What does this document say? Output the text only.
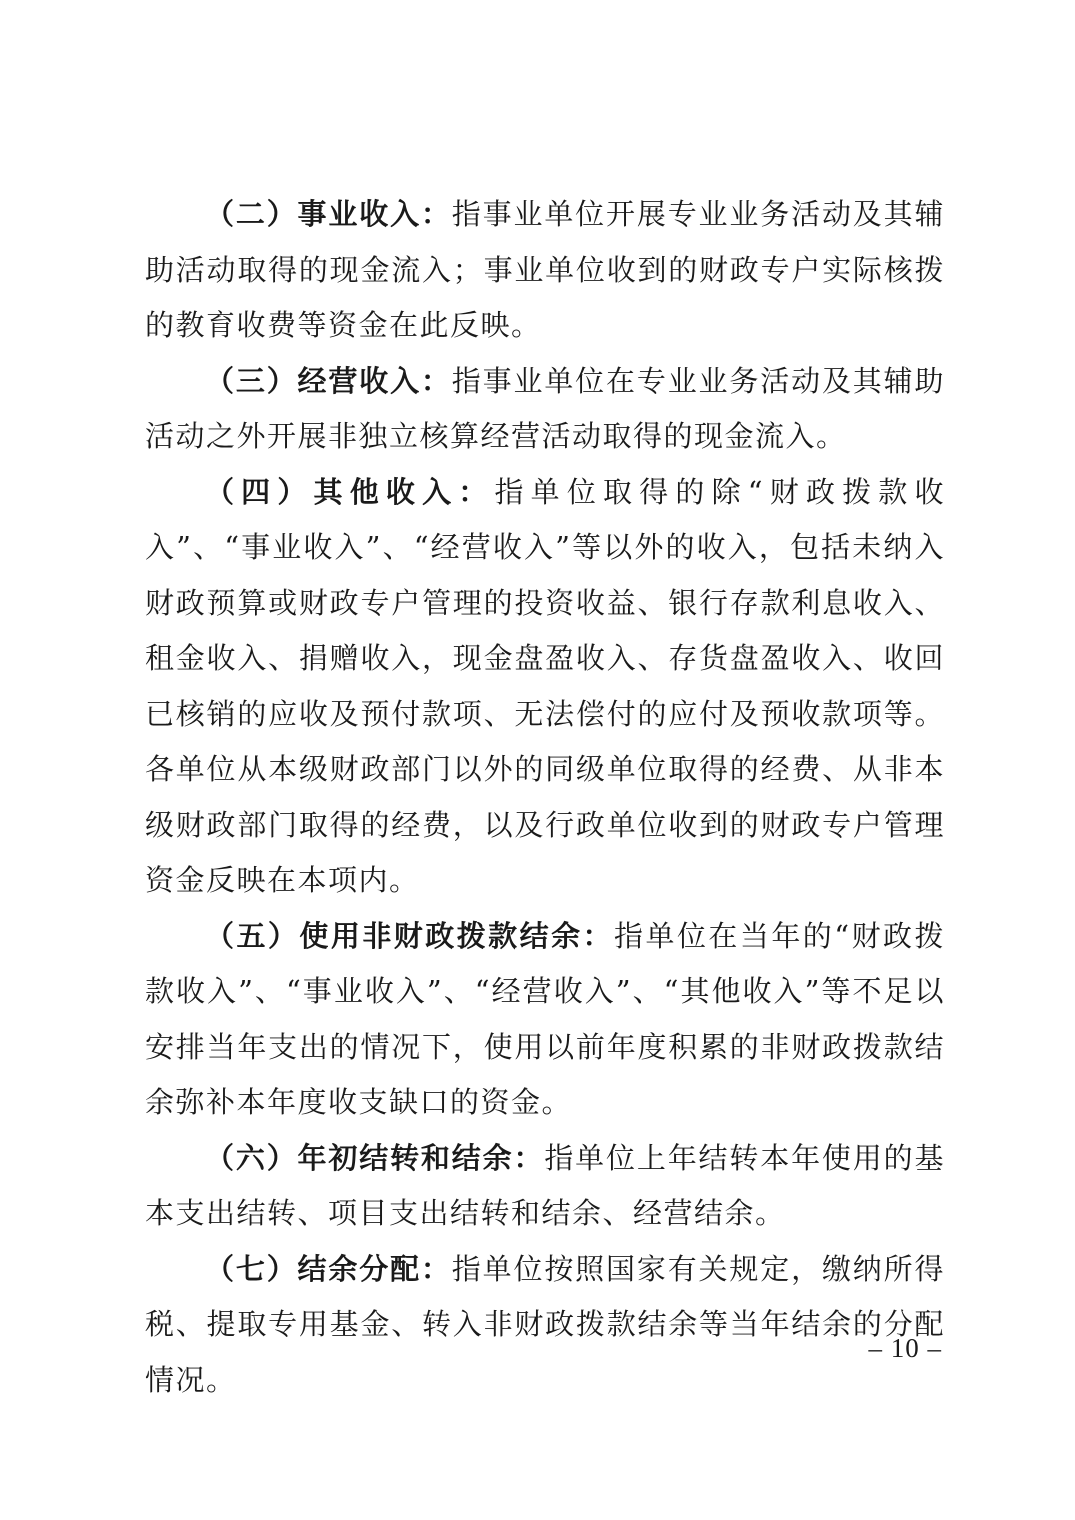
（二）事业收入：指事业单位开展专业业务活动及其辅助活动取得的现金流入；事业单位收到的财政专户实际核拨的教育收费等资金在此反映。

（三）经营收入：指事业单位在专业业务活动及其辅助活动之外开展非独立核算经营活动取得的现金流入。

（四）其他收入：指单位取得的除“财政拨款收入”、“事业收入”、“经营收入”等以外的收入，包括未纳入财政预算或财政专户管理的投资收益、银行存款利息收入、租金收入、捐赠收入，现金盘盈收入、存货盘盈收入、收回已核销的应收及预付款项、无法偿付的应付及预收款项等。各单位从本级财政部门以外的同级单位取得的经费、从非本级财政部门取得的经费，以及行政单位收到的财政专户管理资金反映在本项内。

（五）使用非财政拨款结余：指单位在当年的“财政拨款收入”、“事业收入”、“经营收入”、“其他收入”等不足以安排当年支出的情况下，使用以前年度积累的非财政拨款结余弥补本年度收支缺口的资金。

（六）年初结转和结余：指单位上年结转本年使用的基本支出结转、项目支出结转和结余、经营结余。

（七）结余分配：指单位按照国家有关规定，缴纳所得税、提取专用基金、转入非财政拨款结余等当年结余的分配情况。

– 10 –
